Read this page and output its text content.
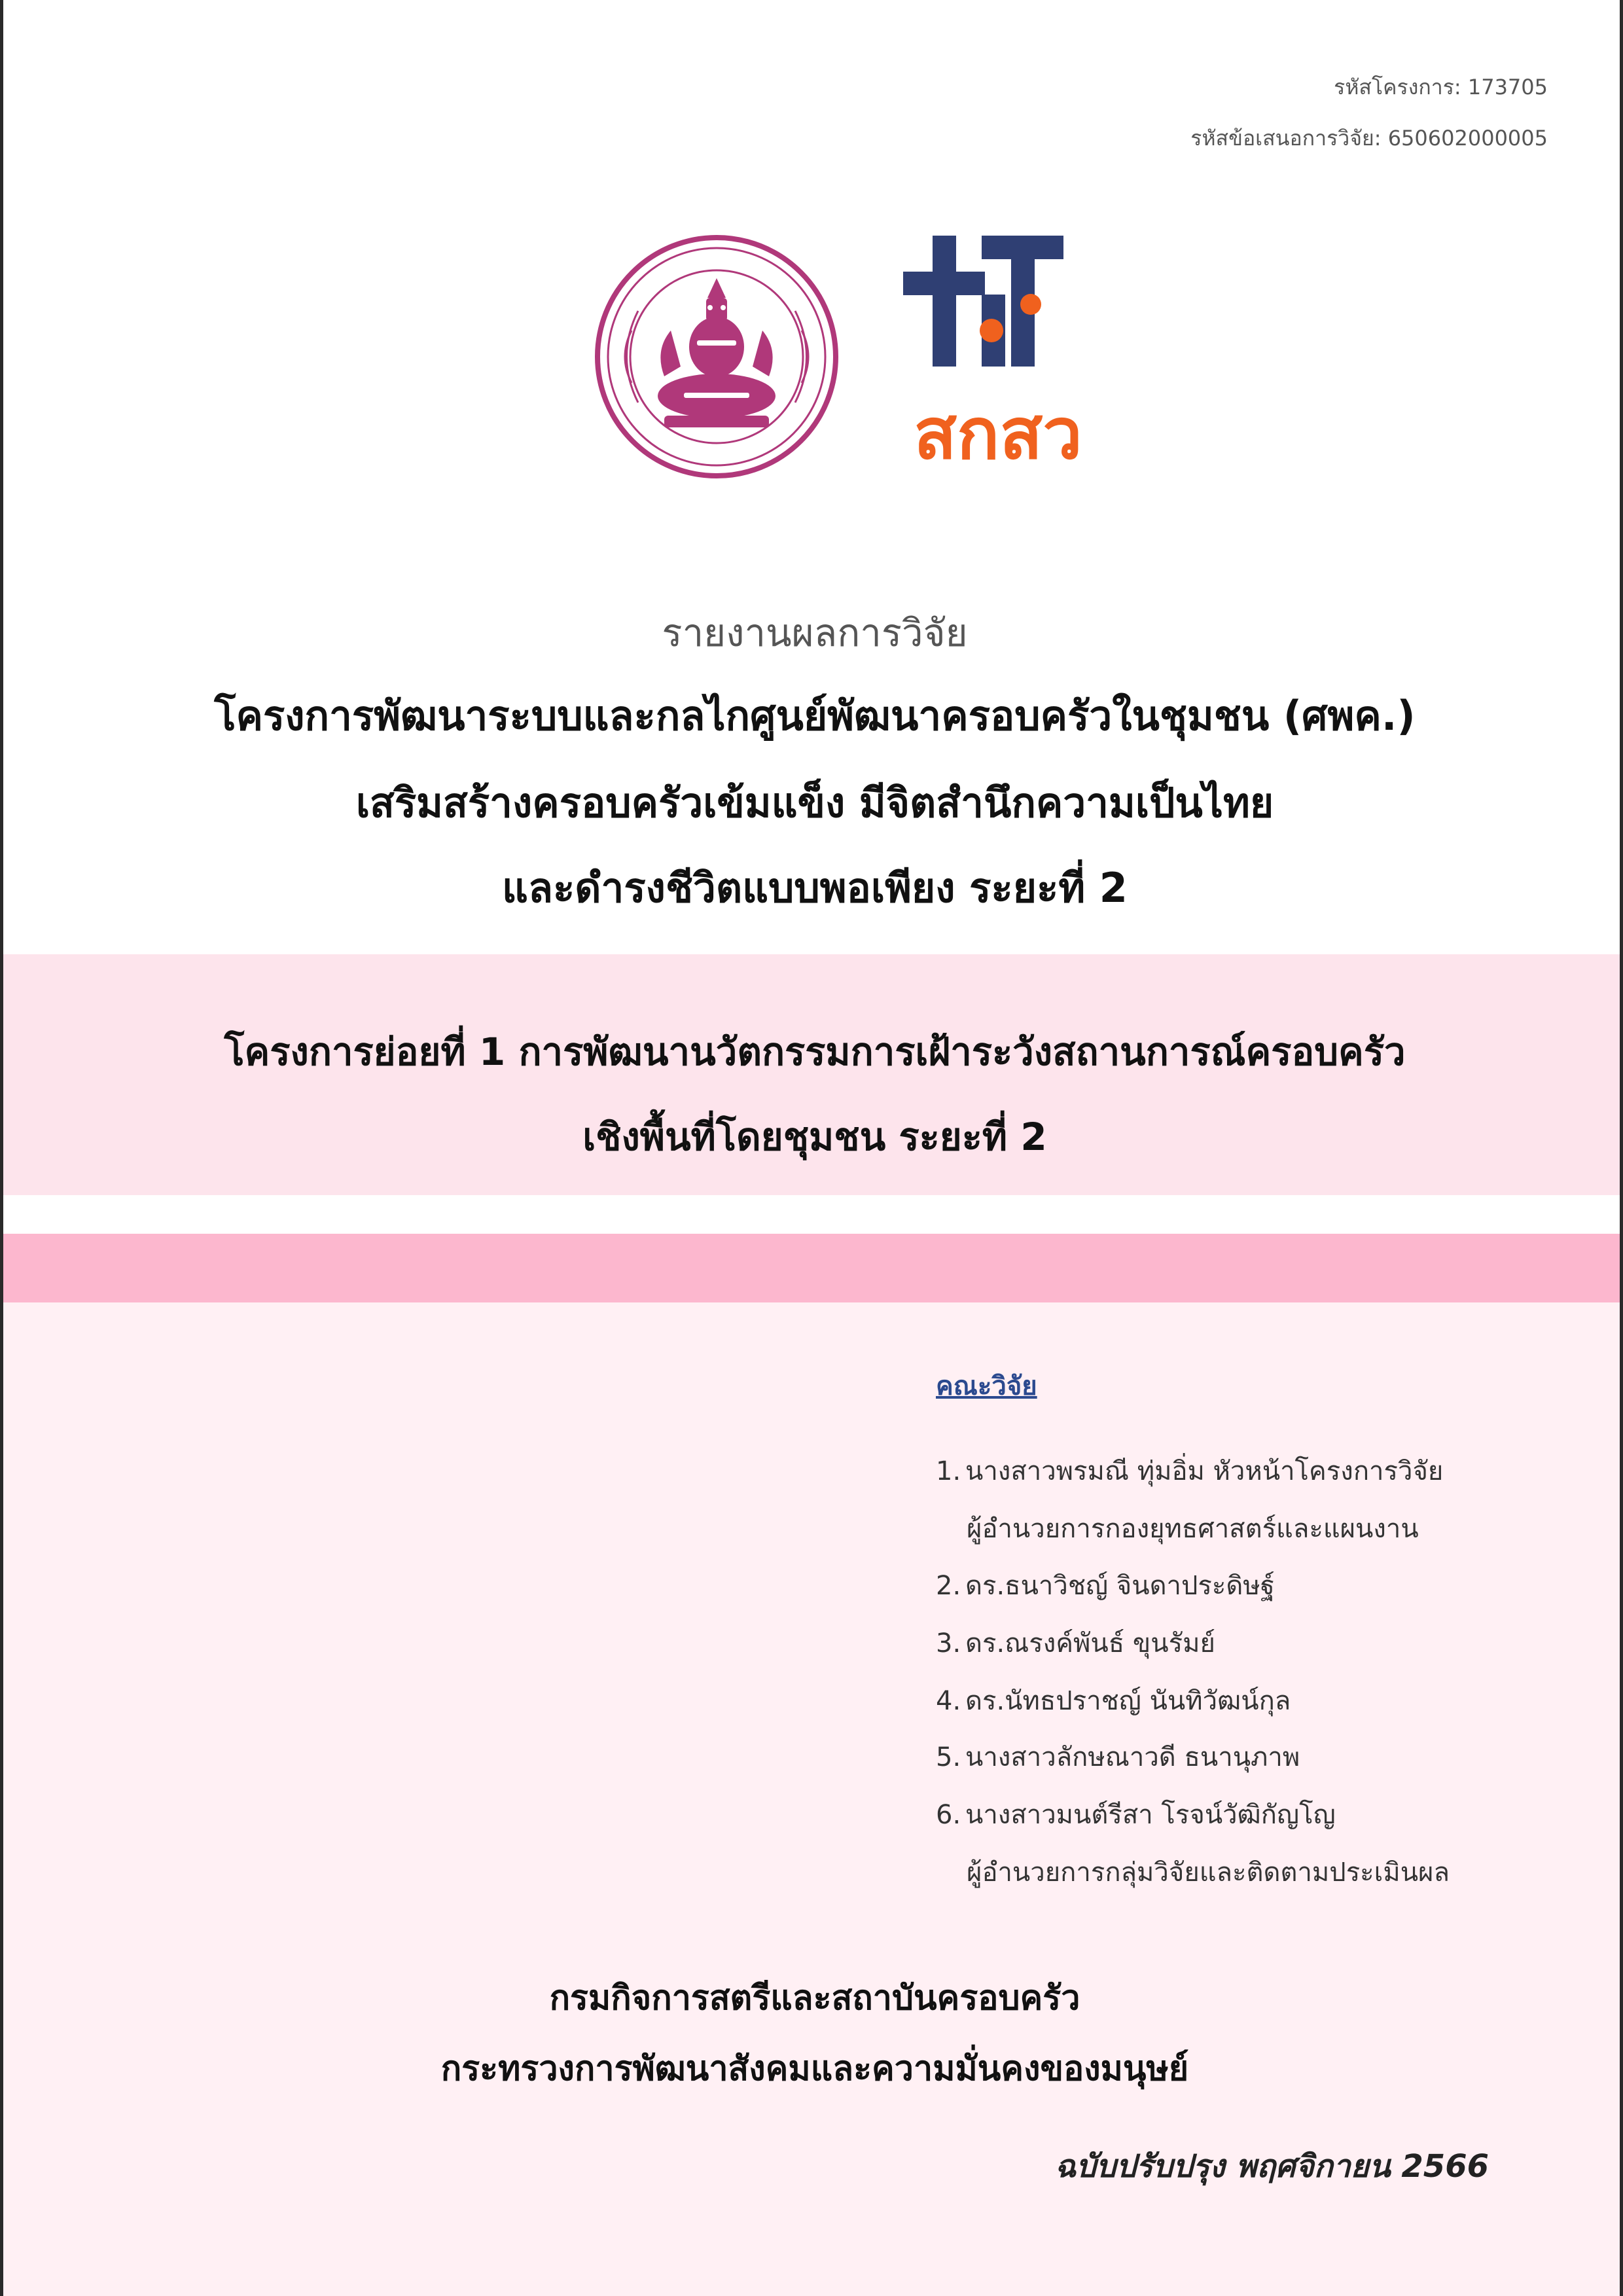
รหัสโครงการ: 173705
รหัสข้อเสนอการวิจัย: 650602000005
สกสว
รายงานผลการวิจัย
โครงการพัฒนาระบบและกลไกศูนย์พัฒนาครอบครัวในชุมชน (ศพค.)
เสริมสร้างครอบครัวเข้มแข็ง มีจิตสำนึกความเป็นไทย
และดำรงชีวิตแบบพอเพียง ระยะที่ 2
โครงการย่อยที่ 1 การพัฒนานวัตกรรมการเฝ้าระวังสถานการณ์ครอบครัว
เชิงพื้นที่โดยชุมชน ระยะที่ 2
คณะวิจัย
1. นางสาวพรมณี ทุ่มอิ่ม หัวหน้าโครงการวิจัย
ผู้อำนวยการกองยุทธศาสตร์และแผนงาน
2. ดร.ธนาวิชญ์ จินดาประดิษฐ์
3. ดร.ณรงค์พันธ์ ขุนรัมย์
4. ดร.นัทธปราชญ์ นันทิวัฒน์กุล
5. นางสาวลักษณาวดี ธนานุภาพ
6. นางสาวมนต์รีสา โรจน์วัฒิกัญโญ
ผู้อำนวยการกลุ่มวิจัยและติดตามประเมินผล
กรมกิจการสตรีและสถาบันครอบครัว
กระทรวงการพัฒนาสังคมและความมั่นคงของมนุษย์
ฉบับปรับปรุง พฤศจิกายน 2566
